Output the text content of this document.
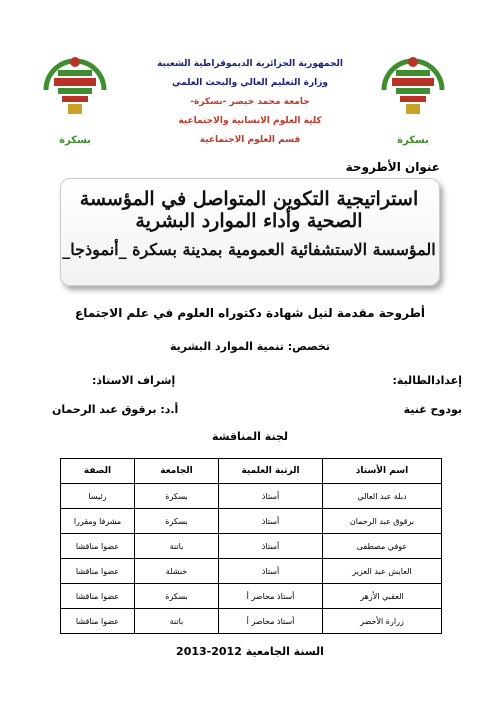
بسكرة	بسكرة
الجمهورية الجزائرية الديموقراطية الشعبية
وزارة التعليم العالي والبحث العلمي
جامعة محمد خيضر -بسكرة-
كلية العلوم الانسانية والاجتماعية
قسم العلوم الاجتماعية
عنوان الأطروحة
استراتيجية التكوين المتواصل في المؤسسة الصحية وأداء الموارد البشرية
المؤسسة الاستشفائية العمومية بمدينة بسكرة _أنموذجا_
أطروحة مقدمة لنيل شهادة دكتوراه العلوم في علم الاجتماع
تخصص: تنمية الموارد البشرية
إعدادالطالبة:
إشراف الاستاذ:
بودوح غنية
أ.د: برقوق عبد الرحمان
لجنة المناقشة
اسم الأستاذ	الرتبة العلمية	الجامعة	الصفة
دبلة عبد العالي	أستاذ	بسكرة	رئيسا
برقوق عبد الرحمان	أستاذ	بسكرة	مشرفا ومقررا
عوفي مصطفى	أستاذ	باتنة	عضوا مناقشا
العايش عبد العزيز	أستاذ	خنشلة	عضوا مناقشا
العقبي الأزهر	أستاذ محاضر أ	بسكرة	عضوا مناقشا
زرارة الأخضر	أستاذ محاضر أ	باتنة	عضوا مناقشا
السنة الجامعية 2012-2013
